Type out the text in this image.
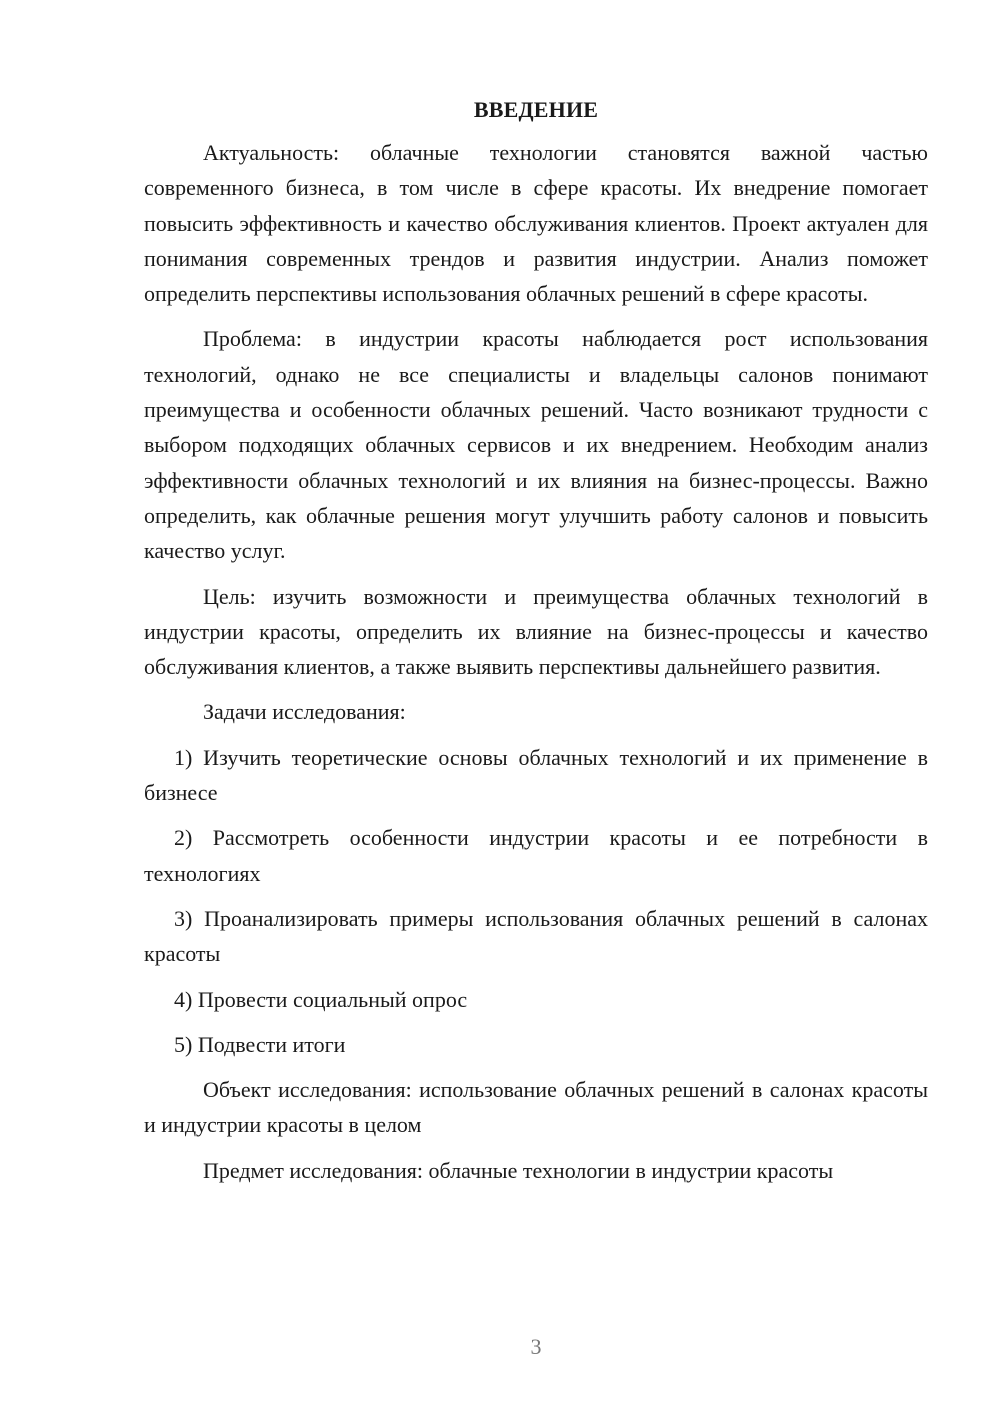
ВВЕДЕНИЕ

Актуальность: облачные технологии становятся важной частью современного бизнеса, в том числе в сфере красоты. Их внедрение помогает повысить эффективность и качество обслуживания клиентов. Проект актуален для понимания современных трендов и развития индустрии. Анализ поможет определить перспективы использования облачных решений в сфере красоты.

Проблема: в индустрии красоты наблюдается рост использования технологий, однако не все специалисты и владельцы салонов понимают преимущества и особенности облачных решений. Часто возникают трудности с выбором подходящих облачных сервисов и их внедрением. Необходим анализ эффективности облачных технологий и их влияния на бизнес-процессы. Важно определить, как облачные решения могут улучшить работу салонов и повысить качество услуг.

Цель: изучить возможности и преимущества облачных технологий в индустрии красоты, определить их влияние на бизнес-процессы и качество обслуживания клиентов, а также выявить перспективы дальнейшего развития.

Задачи исследования:

1) Изучить теоретические основы облачных технологий и их применение в бизнесе

2) Рассмотреть особенности индустрии красоты и ее потребности в технологиях

3) Проанализировать примеры использования облачных решений в салонах красоты

4) Провести социальный опрос

5) Подвести итоги

Объект исследования: использование облачных решений в салонах красоты и индустрии красоты в целом

Предмет исследования: облачные технологии в индустрии красоты

3
